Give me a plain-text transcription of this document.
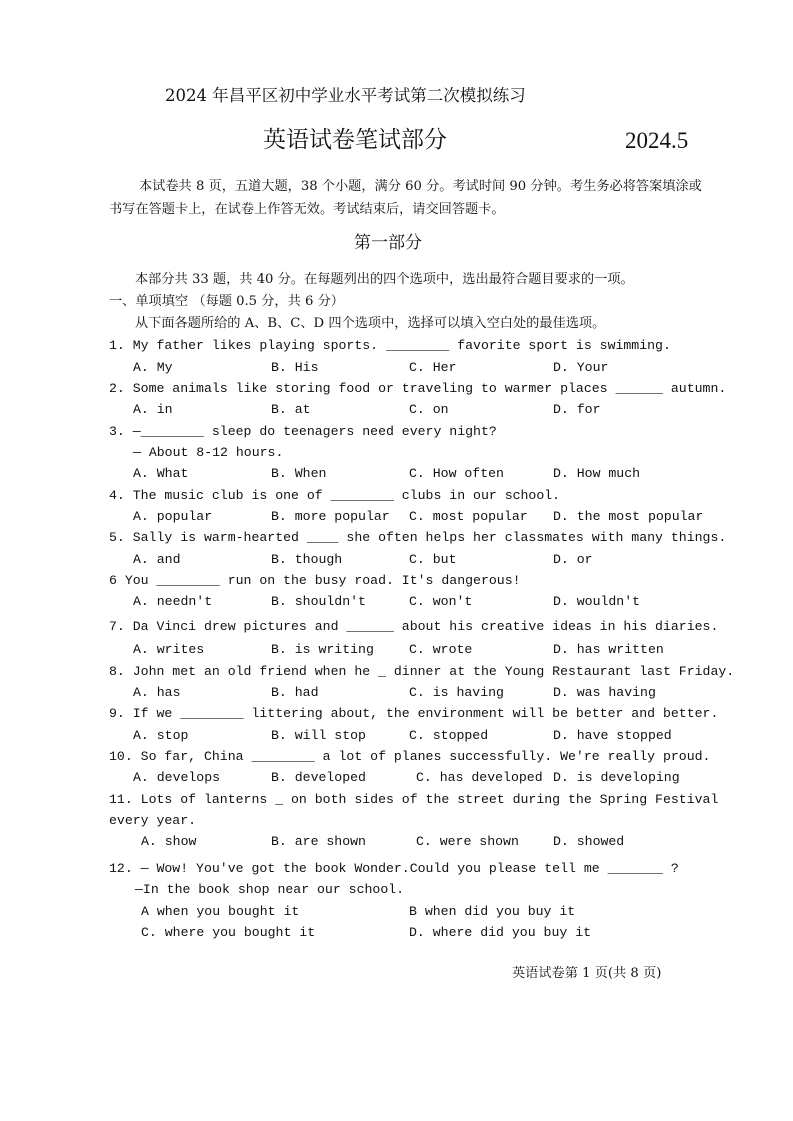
2024 年昌平区初中学业水平考试第二次模拟练习
英语试卷笔试部分	2024.5
本试卷共 8 页，五道大题，38 个小题，满分 60 分。考试时间 90 分钟。考生务必将答案填涂或书写在答题卡上，在试卷上作答无效。考试结束后，请交回答题卡。
第一部分
本部分共 33 题，共 40 分。在每题列出的四个选项中，选出最符合题目要求的一项。
一、单项填空 （每题 0.5 分，共 6 分）
从下面各题所给的 A、B、C、D 四个选项中，选择可以填入空白处的最佳选项。
1. My father likes playing sports. ________ favorite sport is swimming.
A. My	B. His	C. Her	D. Your
2. Some animals like storing food or traveling to warmer places ______ autumn.
A. in	B. at	C. on	D. for
3. —________ sleep do teenagers need every night?
— About 8-12 hours.
A. What	B. When	C. How often	D. How much
4. The music club is one of ________ clubs in our school.
A. popular	B. more popular C. most popular D. the most popular
5. Sally is warm-hearted ____ she often helps her classmates with many things.
A. and	B. though	C. but	D. or
6 You ________ run on the busy road. It's dangerous!
A. needn't	B. shouldn't	C. won't	D. wouldn't
7. Da Vinci drew pictures and ______ about his creative ideas in his diaries.
A. writes	B. is writing	C. wrote	D. has written
8. John met an old friend when he _ dinner at the Young Restaurant last Friday.
A. has	B. had	C. is having	D. was having
9. If we ________ littering about, the environment will be better and better.
A. stop	B. will stop	C. stopped	D. have stopped
10. So far, China ________ a lot of planes successfully. We're really proud.
A. develops	B. developed	C. has developed D. is developing
11. Lots of lanterns _ on both sides of the street during the Spring Festival
every year.
A. show	B. are shown	C. were shown	D. showed
12. — Wow! You've got the book Wonder.Could you please tell me _______ ?
—In the book shop near our school.
A when you bought it	B when did you buy it
C. where you bought it	D. where did you buy it
英语试卷第 1 页(共 8 页)
